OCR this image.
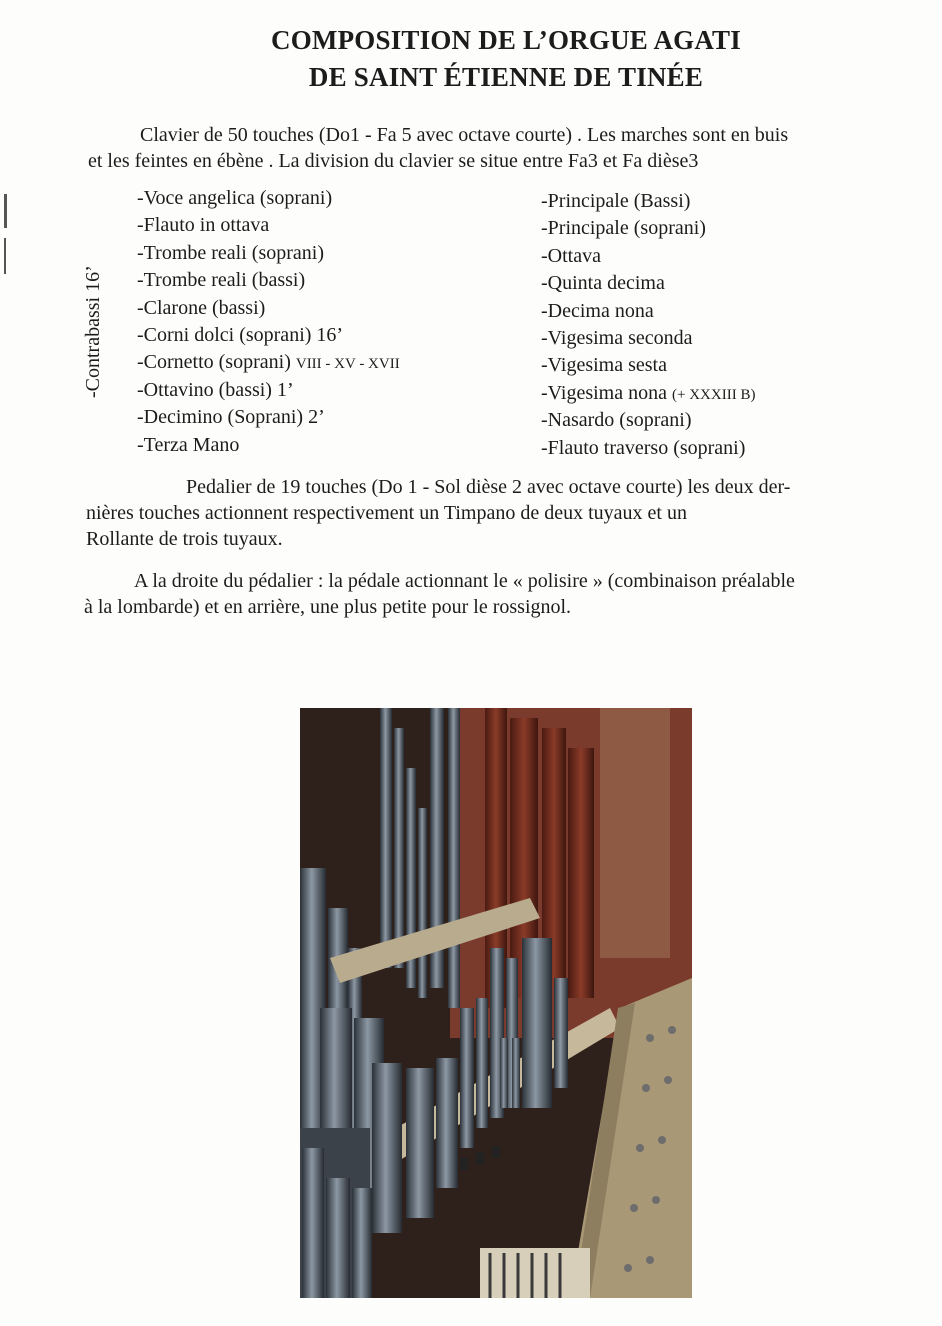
COMPOSITION DE L’ORGUE AGATI
DE SAINT ÉTIENNE DE TINÉE
Clavier de 50 touches (Do1 - Fa 5 avec octave courte) . Les marches sont en buis
et les feintes en ébène . La division du clavier se situe entre Fa3 et Fa dièse3
-Contrabassi 16’
-Voce angelica (soprani)
-Flauto in ottava
-Trombe reali (soprani)
-Trombe reali (bassi)
-Clarone (bassi)
-Corni dolci (soprani) 16’
-Cornetto (soprani) VIII - XV - XVII
-Ottavino (bassi) 1’
-Decimino (Soprani) 2’
-Terza Mano
-Principale (Bassi)
-Principale (soprani)
-Ottava
-Quinta decima
-Decima nona
-Vigesima seconda
-Vigesima sesta
-Vigesima nona (+ XXXIII B)
-Nasardo (soprani)
-Flauto traverso (soprani)
Pedalier de 19 touches (Do 1 - Sol dièse 2 avec octave courte) les deux der-
nières touches actionnent respectivement un Timpano de deux tuyaux et un
Rollante de trois tuyaux.
A la droite du pédalier : la pédale actionnant le « polisire » (combinaison préalable
à la lombarde) et en arrière, une plus petite pour le rossignol.
